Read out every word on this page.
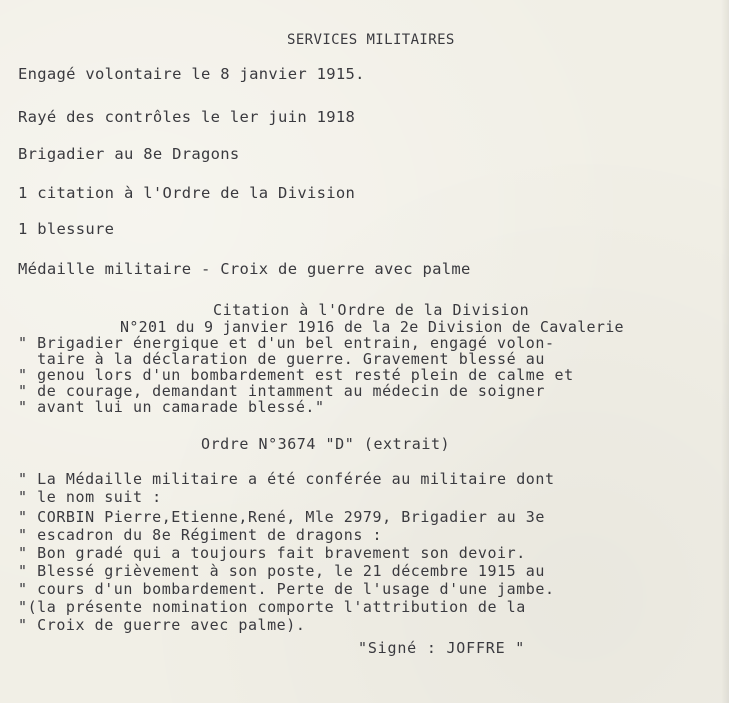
SERVICES MILITAIRES
Engagé volontaire le 8 janvier 1915.
Rayé des contrôles le ler juin 1918
Brigadier au 8e Dragons
1 citation à l'Ordre de la Division
1 blessure
Médaille militaire - Croix de guerre avec palme
Citation à l'Ordre de la Division
N°201 du 9 janvier 1916 de la 2e Division de Cavalerie
" Brigadier énergique et d'un bel entrain, engagé volon-
taire à la déclaration de guerre. Gravement blessé au
" genou lors d'un bombardement est resté plein de calme et
" de courage, demandant intamment au médecin de soigner
" avant lui un camarade blessé."
Ordre N°3674 "D" (extrait)
" La Médaille militaire a été conférée au militaire dont
" le nom suit :
" CORBIN Pierre,Etienne,René, Mle 2979, Brigadier au 3e
" escadron du 8e Régiment de dragons :
" Bon gradé qui a toujours fait bravement son devoir.
" Blessé grièvement à son poste, le 21 décembre 1915 au
" cours d'un bombardement. Perte de l'usage d'une jambe.
"(la présente nomination comporte l'attribution de la
" Croix de guerre avec palme).
"Signé : JOFFRE "
